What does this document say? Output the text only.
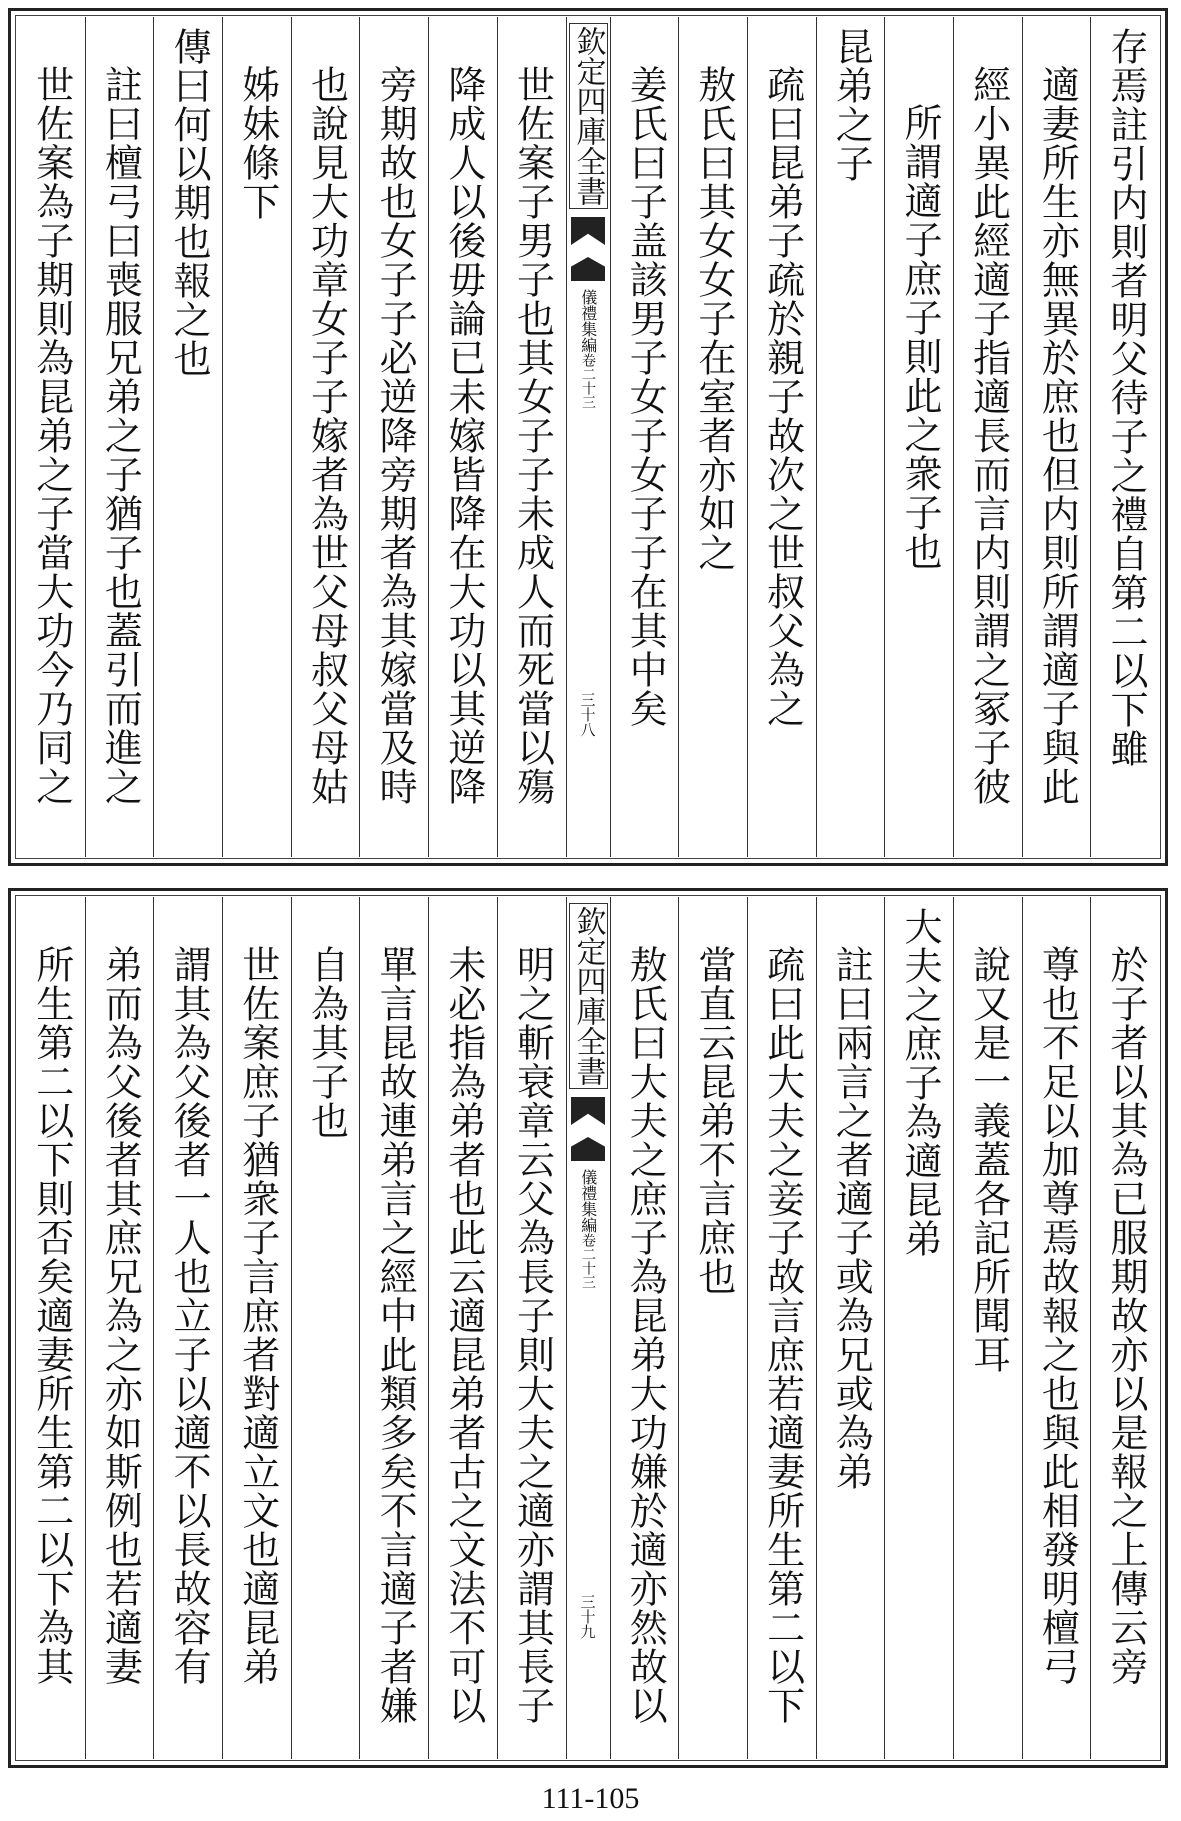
存焉註引内則者明父待子之禮自第二以下雖
適妻所生亦無異於庶也但内則所謂適子與此
經小異此經適子指適長而言内則謂之冢子彼
所謂適子庶子則此之衆子也
昆弟之子
疏曰昆弟子疏於親子故次之世叔父為之
敖氏曰其女女子在室者亦如之
姜氏曰子盖該男子女子女子子在其中矣
欽定四庫全書
儀禮集編
卷二十三
三十八
世佐案子男子也其女子子未成人而死當以殤
降成人以後毋論已未嫁皆降在大功以其逆降
旁期故也女子子必逆降旁期者為其嫁當及時
也說見大功章女子子嫁者為世父母叔父母姑
姊妹條下
傳曰何以期也報之也
註曰檀弓曰喪服兄弟之子猶子也蓋引而進之
世佐案為子期則為昆弟之子當大功今乃同之
於子者以其為已服期故亦以是報之上傳云旁
尊也不足以加尊焉故報之也與此相發明檀弓
說又是一義蓋各記所聞耳
大夫之庶子為適昆弟
註曰兩言之者適子或為兄或為弟
疏曰此大夫之妾子故言庶若適妻所生第二以下
當直云昆弟不言庶也
敖氏曰大夫之庶子為昆弟大功嫌於適亦然故以
欽定四庫全書
儀禮集編
卷二十三
三十九
明之斬衰章云父為長子則大夫之適亦謂其長子
未必指為弟者也此云適昆弟者古之文法不可以
單言昆故連弟言之經中此類多矣不言適子者嫌
自為其子也
世佐案庶子猶衆子言庶者對適立文也適昆弟
謂其為父後者一人也立子以適不以長故容有
弟而為父後者其庶兄為之亦如斯例也若適妻
所生第二以下則否矣適妻所生第二以下為其
111-105
